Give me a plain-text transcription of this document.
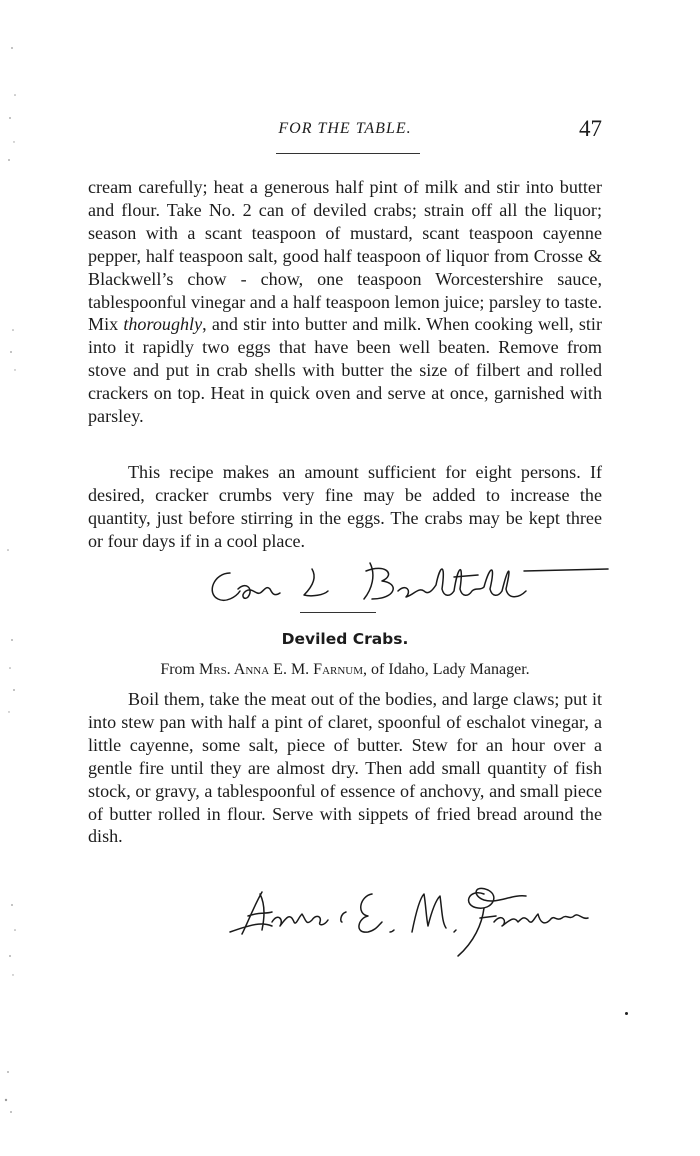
FOR THE TABLE.	47

cream carefully; heat a generous half pint of milk and stir into butter and flour. Take No. 2 can of deviled crabs; strain off all the liquor; season with a scant teaspoon of mustard, scant teaspoon cayenne pepper, half teaspoon salt, good half teaspoon of liquor from Crosse & Blackwell’s chow - chow, one teaspoon Worcestershire sauce, tablespoonful vinegar and a half teaspoon lemon juice; parsley to taste. Mix thoroughly, and stir into butter and milk. When cooking well, stir into it rapidly two eggs that have been well beaten. Remove from stove and put in crab shells with butter the size of filbert and rolled crackers on top. Heat in quick oven and serve at once, garnished with parsley.

This recipe makes an amount sufficient for eight persons. If desired, cracker crumbs very fine may be added to increase the quantity, just before stirring in the eggs. The crabs may be kept three or four days if in a cool place.

Deviled Crabs.
From Mrs. Anna E. M. Farnum, of Idaho, Lady Manager.

Boil them, take the meat out of the bodies, and large claws; put it into stew pan with half a pint of claret, spoonful of eschalot vinegar, a little cayenne, some salt, piece of butter. Stew for an hour over a gentle fire until they are almost dry. Then add small quantity of fish stock, or gravy, a tablespoonful of essence of anchovy, and small piece of butter rolled in flour. Serve with sippets of fried bread around the dish.
